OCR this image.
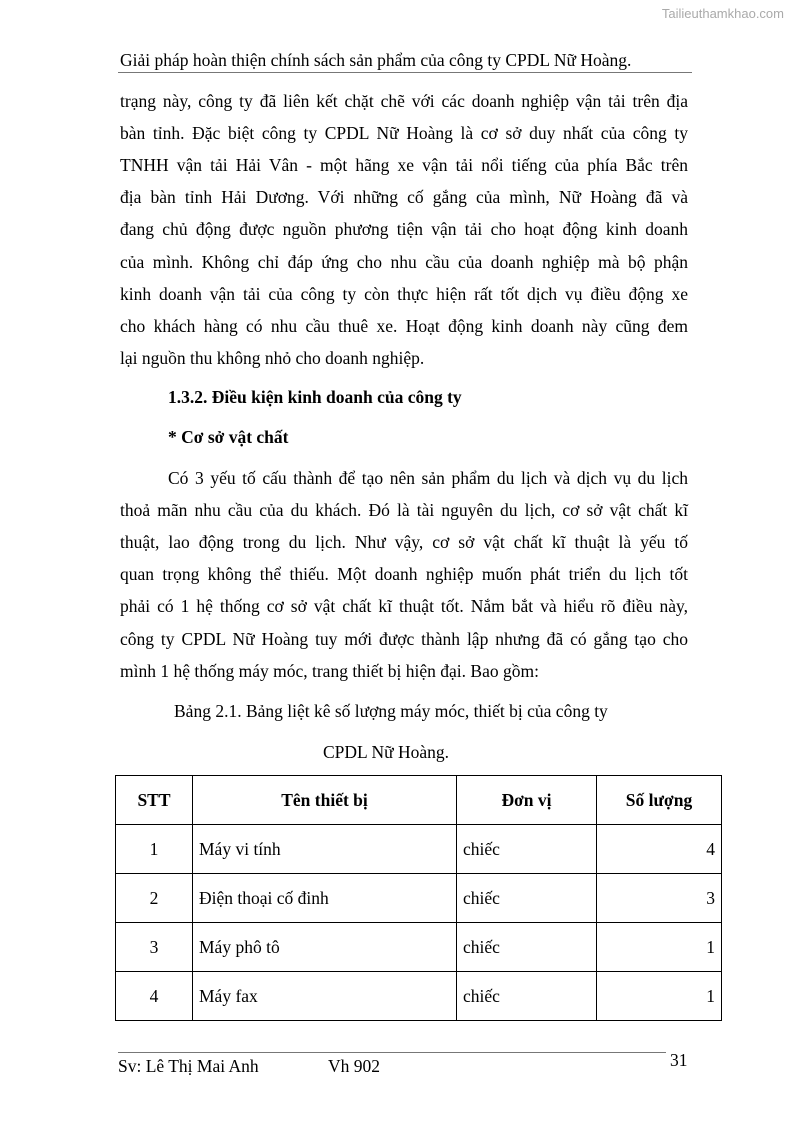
Tailieuthamkhao.com
Giải pháp hoàn thiện chính sách sản phẩm của công ty CPDL Nữ Hoàng.
trạng này, công ty đã liên kết chặt chẽ với các doanh nghiệp vận tải trên địa
bàn tỉnh. Đặc biệt công ty CPDL Nữ Hoàng là cơ sở duy nhất của công ty
TNHH vận tải Hải Vân - một hãng xe vận tải nổi tiếng của phía Bắc trên
địa bàn tỉnh Hải Dương. Với những cố gắng của mình, Nữ Hoàng đã và
đang chủ động được nguồn phương tiện vận tải cho hoạt động kinh doanh
của mình. Không chỉ đáp ứng cho nhu cầu của doanh nghiệp mà bộ phận
kinh doanh vận tải của công ty còn thực hiện rất tốt dịch vụ điều động xe
cho khách hàng có nhu cầu thuê xe. Hoạt động kinh doanh này cũng đem
lại nguồn thu không nhỏ cho doanh nghiệp.
1.3.2. Điều kiện kinh doanh của công ty
* Cơ sở vật chất
Có 3 yếu tố cấu thành để tạo nên sản phẩm du lịch và dịch vụ du lịch
thoả mãn nhu cầu của du khách. Đó là tài nguyên du lịch, cơ sở vật chất kĩ
thuật, lao động trong du lịch. Như vậy, cơ sở vật chất kĩ thuật là yếu tố
quan trọng không thể thiếu. Một doanh nghiệp muốn phát triển du lịch tốt
phải có 1 hệ thống cơ sở vật chất kĩ thuật tốt. Nắm bắt và hiểu rõ điều này,
công ty CPDL Nữ Hoàng tuy mới được thành lập nhưng đã có gắng tạo cho
mình 1 hệ thống máy móc, trang thiết bị hiện đại. Bao gồm:
Bảng 2.1. Bảng liệt kê số lượng máy móc, thiết bị của công ty
CPDL Nữ Hoàng.
STT	Tên thiết bị	Đơn vị	Số lượng
1	Máy vi tính	chiếc	4
2	Điện thoại cố đinh	chiếc	3
3	Máy phô tô	chiếc	1
4	Máy fax	chiếc	1
Sv: Lê Thị Mai Anh	Vh 902	31
